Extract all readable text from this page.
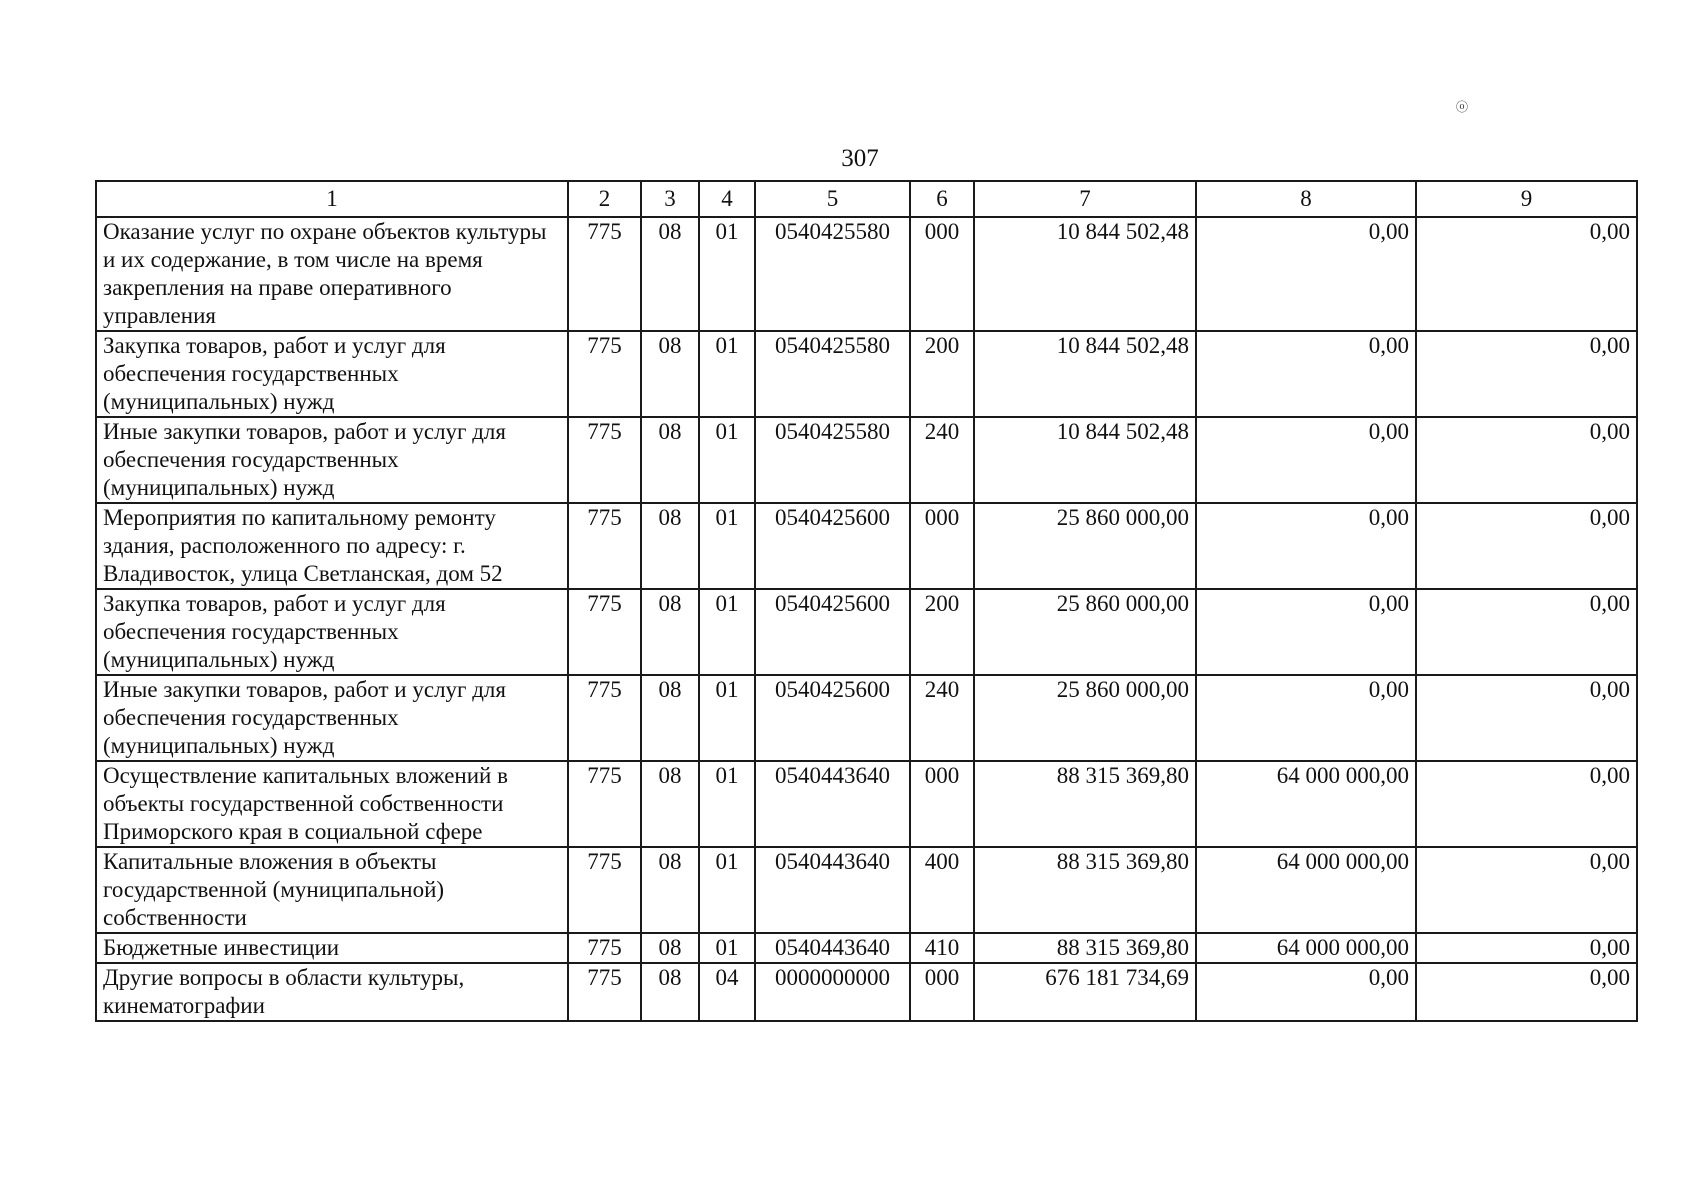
ⓞ
307
1	2	3	4	5	6	7	8	9
Оказание услуг по охране объектов культуры и их содержание, в том числе на время закрепления на праве оперативного управления	775	08	01	0540425580	000	10 844 502,48	0,00	0,00
Закупка товаров, работ и услуг для обеспечения государственных (муниципальных) нужд	775	08	01	0540425580	200	10 844 502,48	0,00	0,00
Иные закупки товаров, работ и услуг для обеспечения государственных (муниципальных) нужд	775	08	01	0540425580	240	10 844 502,48	0,00	0,00
Мероприятия по капитальному ремонту здания, расположенного по адресу: г. Владивосток, улица Светланская, дом 52	775	08	01	0540425600	000	25 860 000,00	0,00	0,00
Закупка товаров, работ и услуг для обеспечения государственных (муниципальных) нужд	775	08	01	0540425600	200	25 860 000,00	0,00	0,00
Иные закупки товаров, работ и услуг для обеспечения государственных (муниципальных) нужд	775	08	01	0540425600	240	25 860 000,00	0,00	0,00
Осуществление капитальных вложений в объекты государственной собственности Приморского края в социальной сфере	775	08	01	0540443640	000	88 315 369,80	64 000 000,00	0,00
Капитальные вложения в объекты государственной (муниципальной) собственности	775	08	01	0540443640	400	88 315 369,80	64 000 000,00	0,00
Бюджетные инвестиции	775	08	01	0540443640	410	88 315 369,80	64 000 000,00	0,00
Другие вопросы в области культуры, кинематографии	775	08	04	0000000000	000	676 181 734,69	0,00	0,00
